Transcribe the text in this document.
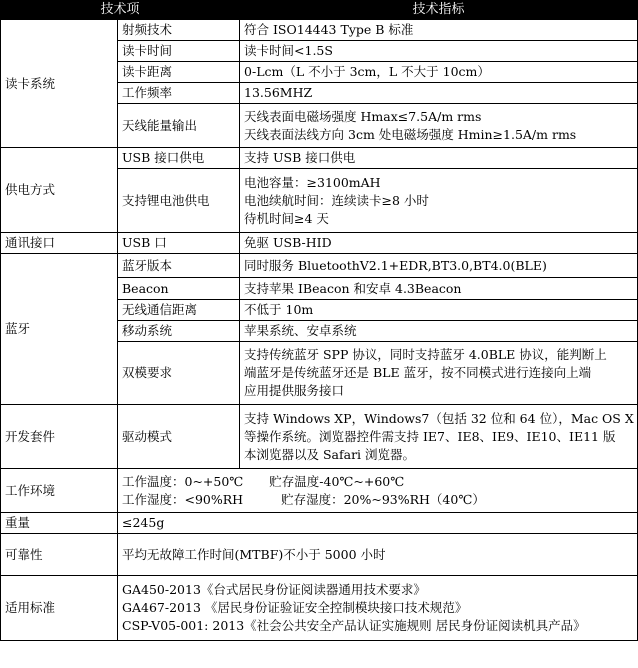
技术项		技术指标
读卡系统	射频技术	符合 ISO14443 Type B 标准
	读卡时间	读卡时间<1.5S
	读卡距离	0-Lcm（L 不小于 3cm，L 不大于 10cm）
	工作频率	13.56MHZ
	天线能量输出	天线表面电磁场强度 Hmax≤7.5A/m rms
天线表面法线方向 3cm 处电磁场强度 Hmin≥1.5A/m rms

供电方式	USB 接口供电	支持 USB 接口供电
	支持锂电池供电	电池容量：≥3100mAH
电池续航时间：连续读卡≥8 小时
待机时间≥4 天

通讯接口	USB 口	免驱 USB-HID
蓝牙	蓝牙版本	同时服务 BluetoothV2.1+EDR,BT3.0,BT4.0(BLE)
	Beacon	支持苹果 IBeacon 和安卓 4.3Beacon
	无线通信距离	不低于 10m
	移动系统	苹果系统、安卓系统
	双模要求	支持传统蓝牙 SPP 协议，同时支持蓝牙 4.0BLE 协议，能判断上
端蓝牙是传统蓝牙还是 BLE 蓝牙，按不同模式进行连接向上端
应用提供服务接口

开发套件	驱动模式	支持 Windows XP，Windows7（包括 32 位和 64 位），Mac OS X
等操作系统。浏览器控件需支持 IE7、IE8、IE9、IE10、IE11 版
本浏览器以及 Safari 浏览器。

工作环境	工作温度：0~+50℃ 贮存温度-40℃~+60℃
工作湿度：<90%RH 贮存湿度：20%~93%RH（40℃）	

重量	≤245g	
可靠性	平均无故障工作时间(MTBF)不小于 5000 小时	
适用标准	GA450-2013《台式居民身份证阅读器通用技术要求》
GA467-2013 《居民身份证验证安全控制模块接口技术规范》
CSP-V05-001: 2013《社会公共安全产品认证实施规则 居民身份证阅读机具产品》	
